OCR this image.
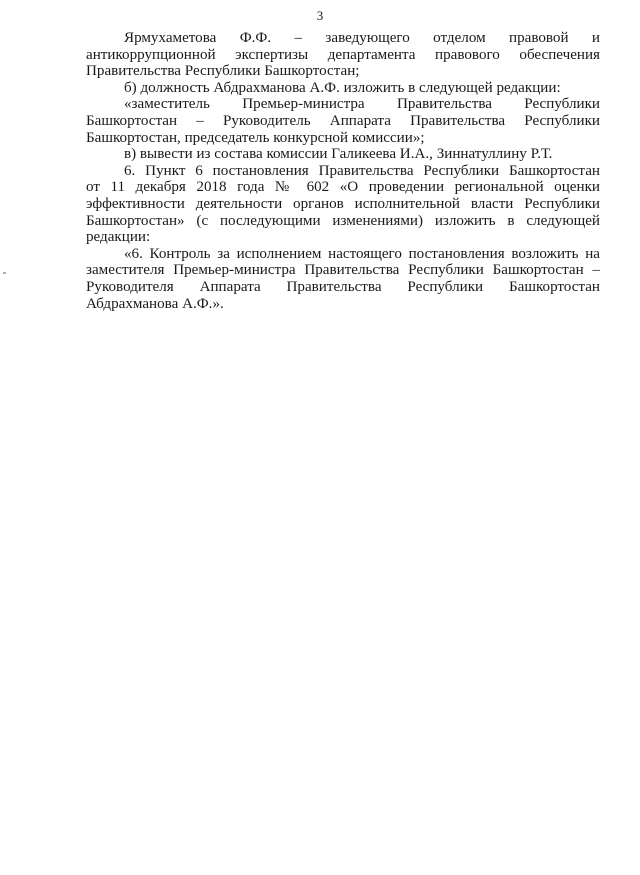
3
Ярмухаметова Ф.Ф. – заведующего отделом правовой и
антикоррупционной экспертизы департамента правового обеспечения
Правительства Республики Башкортостан;
б) должность Абдрахманова А.Ф. изложить в следующей редакции:
«заместитель Премьер-министра Правительства Республики
Башкортостан – Руководитель Аппарата Правительства Республики
Башкортостан, председатель конкурсной комиссии»;
в) вывести из состава комиссии Галикеева И.А., Зиннатуллину Р.Т.
6. Пункт 6 постановления Правительства Республики Башкортостан
от 11 декабря 2018 года № 602 «О проведении региональной оценки
эффективности деятельности органов исполнительной власти Республики
Башкортостан» (с последующими изменениями) изложить в следующей
редакции:
«6. Контроль за исполнением настоящего постановления возложить на
заместителя Премьер-министра Правительства Республики Башкортостан –
Руководителя Аппарата Правительства Республики Башкортостан
Абдрахманова А.Ф.».
